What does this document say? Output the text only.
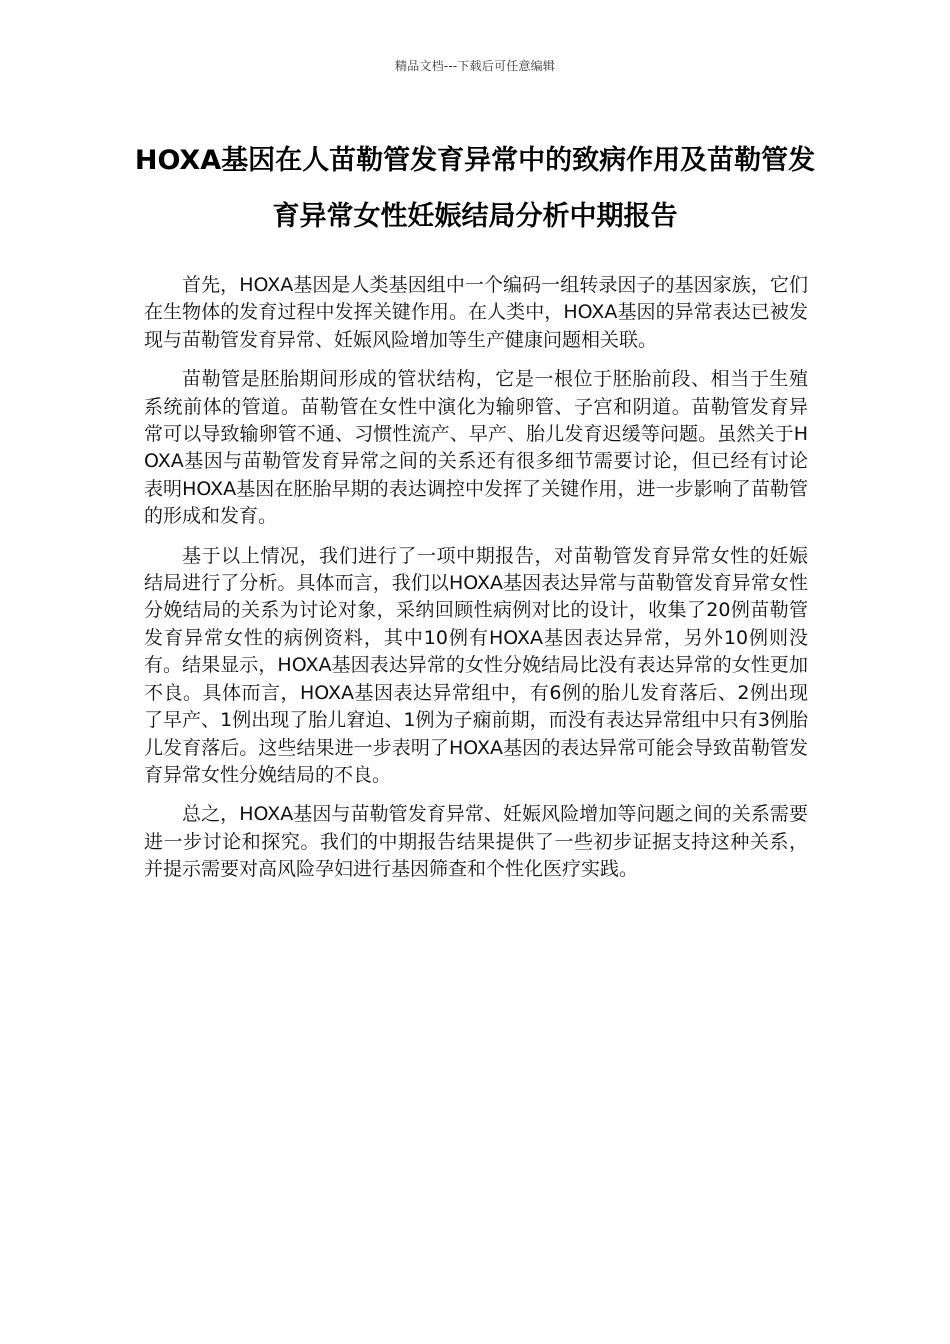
精品文档---下载后可任意编辑
HOXA基因在人苗勒管发育异常中的致病作用及苗勒管发育异常女性妊娠结局分析中期报告

首先，HOXA基因是人类基因组中一个编码一组转录因子的基因家族，它们在生物体的发育过程中发挥关键作用。在人类中，HOXA基因的异常表达已被发现与苗勒管发育异常、妊娠风险增加等生产健康问题相关联。

苗勒管是胚胎期间形成的管状结构，它是一根位于胚胎前段、相当于生殖系统前体的管道。苗勒管在女性中演化为输卵管、子宫和阴道。苗勒管发育异常可以导致输卵管不通、习惯性流产、早产、胎儿发育迟缓等问题。虽然关于HOXA基因与苗勒管发育异常之间的关系还有很多细节需要讨论，但已经有讨论表明HOXA基因在胚胎早期的表达调控中发挥了关键作用，进一步影响了苗勒管的形成和发育。

基于以上情况，我们进行了一项中期报告，对苗勒管发育异常女性的妊娠结局进行了分析。具体而言，我们以HOXA基因表达异常与苗勒管发育异常女性分娩结局的关系为讨论对象，采纳回顾性病例对比的设计，收集了20例苗勒管发育异常女性的病例资料，其中10例有HOXA基因表达异常，另外10例则没有。结果显示，HOXA基因表达异常的女性分娩结局比没有表达异常的女性更加不良。具体而言，HOXA基因表达异常组中，有6例的胎儿发育落后、2例出现了早产、1例出现了胎儿窘迫、1例为子痫前期，而没有表达异常组中只有3例胎儿发育落后。这些结果进一步表明了HOXA基因的表达异常可能会导致苗勒管发育异常女性分娩结局的不良。

总之，HOXA基因与苗勒管发育异常、妊娠风险增加等问题之间的关系需要进一步讨论和探究。我们的中期报告结果提供了一些初步证据支持这种关系，并提示需要对高风险孕妇进行基因筛查和个性化医疗实践。
